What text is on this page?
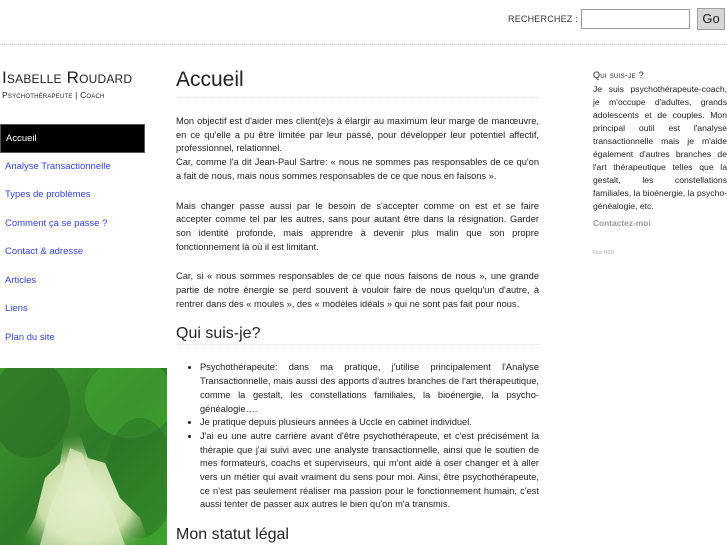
RECHERCHEZ :	Go
Isabelle Roudard
Psychothérapeute | Coach
Accueil
Analyse Transactionnelle
Types de problèmes
Comment ça se passe ?
Contact & adresse
Articles
Liens
Plan du site
Accueil

Mon objectif est d'aider mes client(e)s à élargir au maximum leur marge de manœuvre, en ce qu'elle a pu être limitée par leur passé, pour développer leur potentiel affectif, professionnel, relationnel.
Car, comme l'a dit Jean-Paul Sartre: « nous ne sommes pas responsables de ce qu'on a fait de nous, mais nous sommes responsables de ce que nous en faisons ».

Mais changer passe aussi par le besoin de s'accepter comme on est et se faire accepter comme tel par les autres, sans pour autant être dans la résignation. Garder son identité profonde, mais apprendre à devenir plus malin que son propre fonctionnement là où il est limitant.

Car, si « nous sommes responsables de ce que nous faisons de nous », une grande partie de notre énergie se perd souvent à vouloir faire de nous quelqu'un d'autre, à rentrer dans des « moules », des « modèles idéals » qui ne sont pas fait pour nous.

Qui suis-je?
• Psychothérapeute: dans ma pratique, j'utilise principalement l'Analyse Transactionnelle, mais aussi des apports d'autres branches de l'art thérapeutique, comme la gestalt, les constellations familiales, la bioénergie, la psycho-généalogie….
• Je pratique depuis plusieurs années à Uccle en cabinet individuel.
• J'ai eu une autre carrière avant d'être psychothérapeute, et c'est précisément la thérapie que j'ai suivi avec une analyste transactionnelle, ainsi que le soutien de mes formateurs, coachs et superviseurs, qui m'ont aidé à oser changer et à aller vers un métier qui avait vraiment du sens pour moi. Ainsi, être psychothérapeute, ce n'est pas seulement réaliser ma passion pour le fonctionnement humain, c'est aussi tenter de passer aux autres le bien qu'on m'a transmis.
Mon statut légal
Qui suis-je ?

Je suis psychothérapeute-coach, je m'occupe d'adultes, grands adolescents et de couples. Mon principal outil est l'analyse transactionnelle mais je m'aide également d'autres branches de l'art thérapeutique telles que la gestalt, les constellations familiales, la bioénergie, la psycho-généalogie, etc.

Contactez-moi
Flux RSS
